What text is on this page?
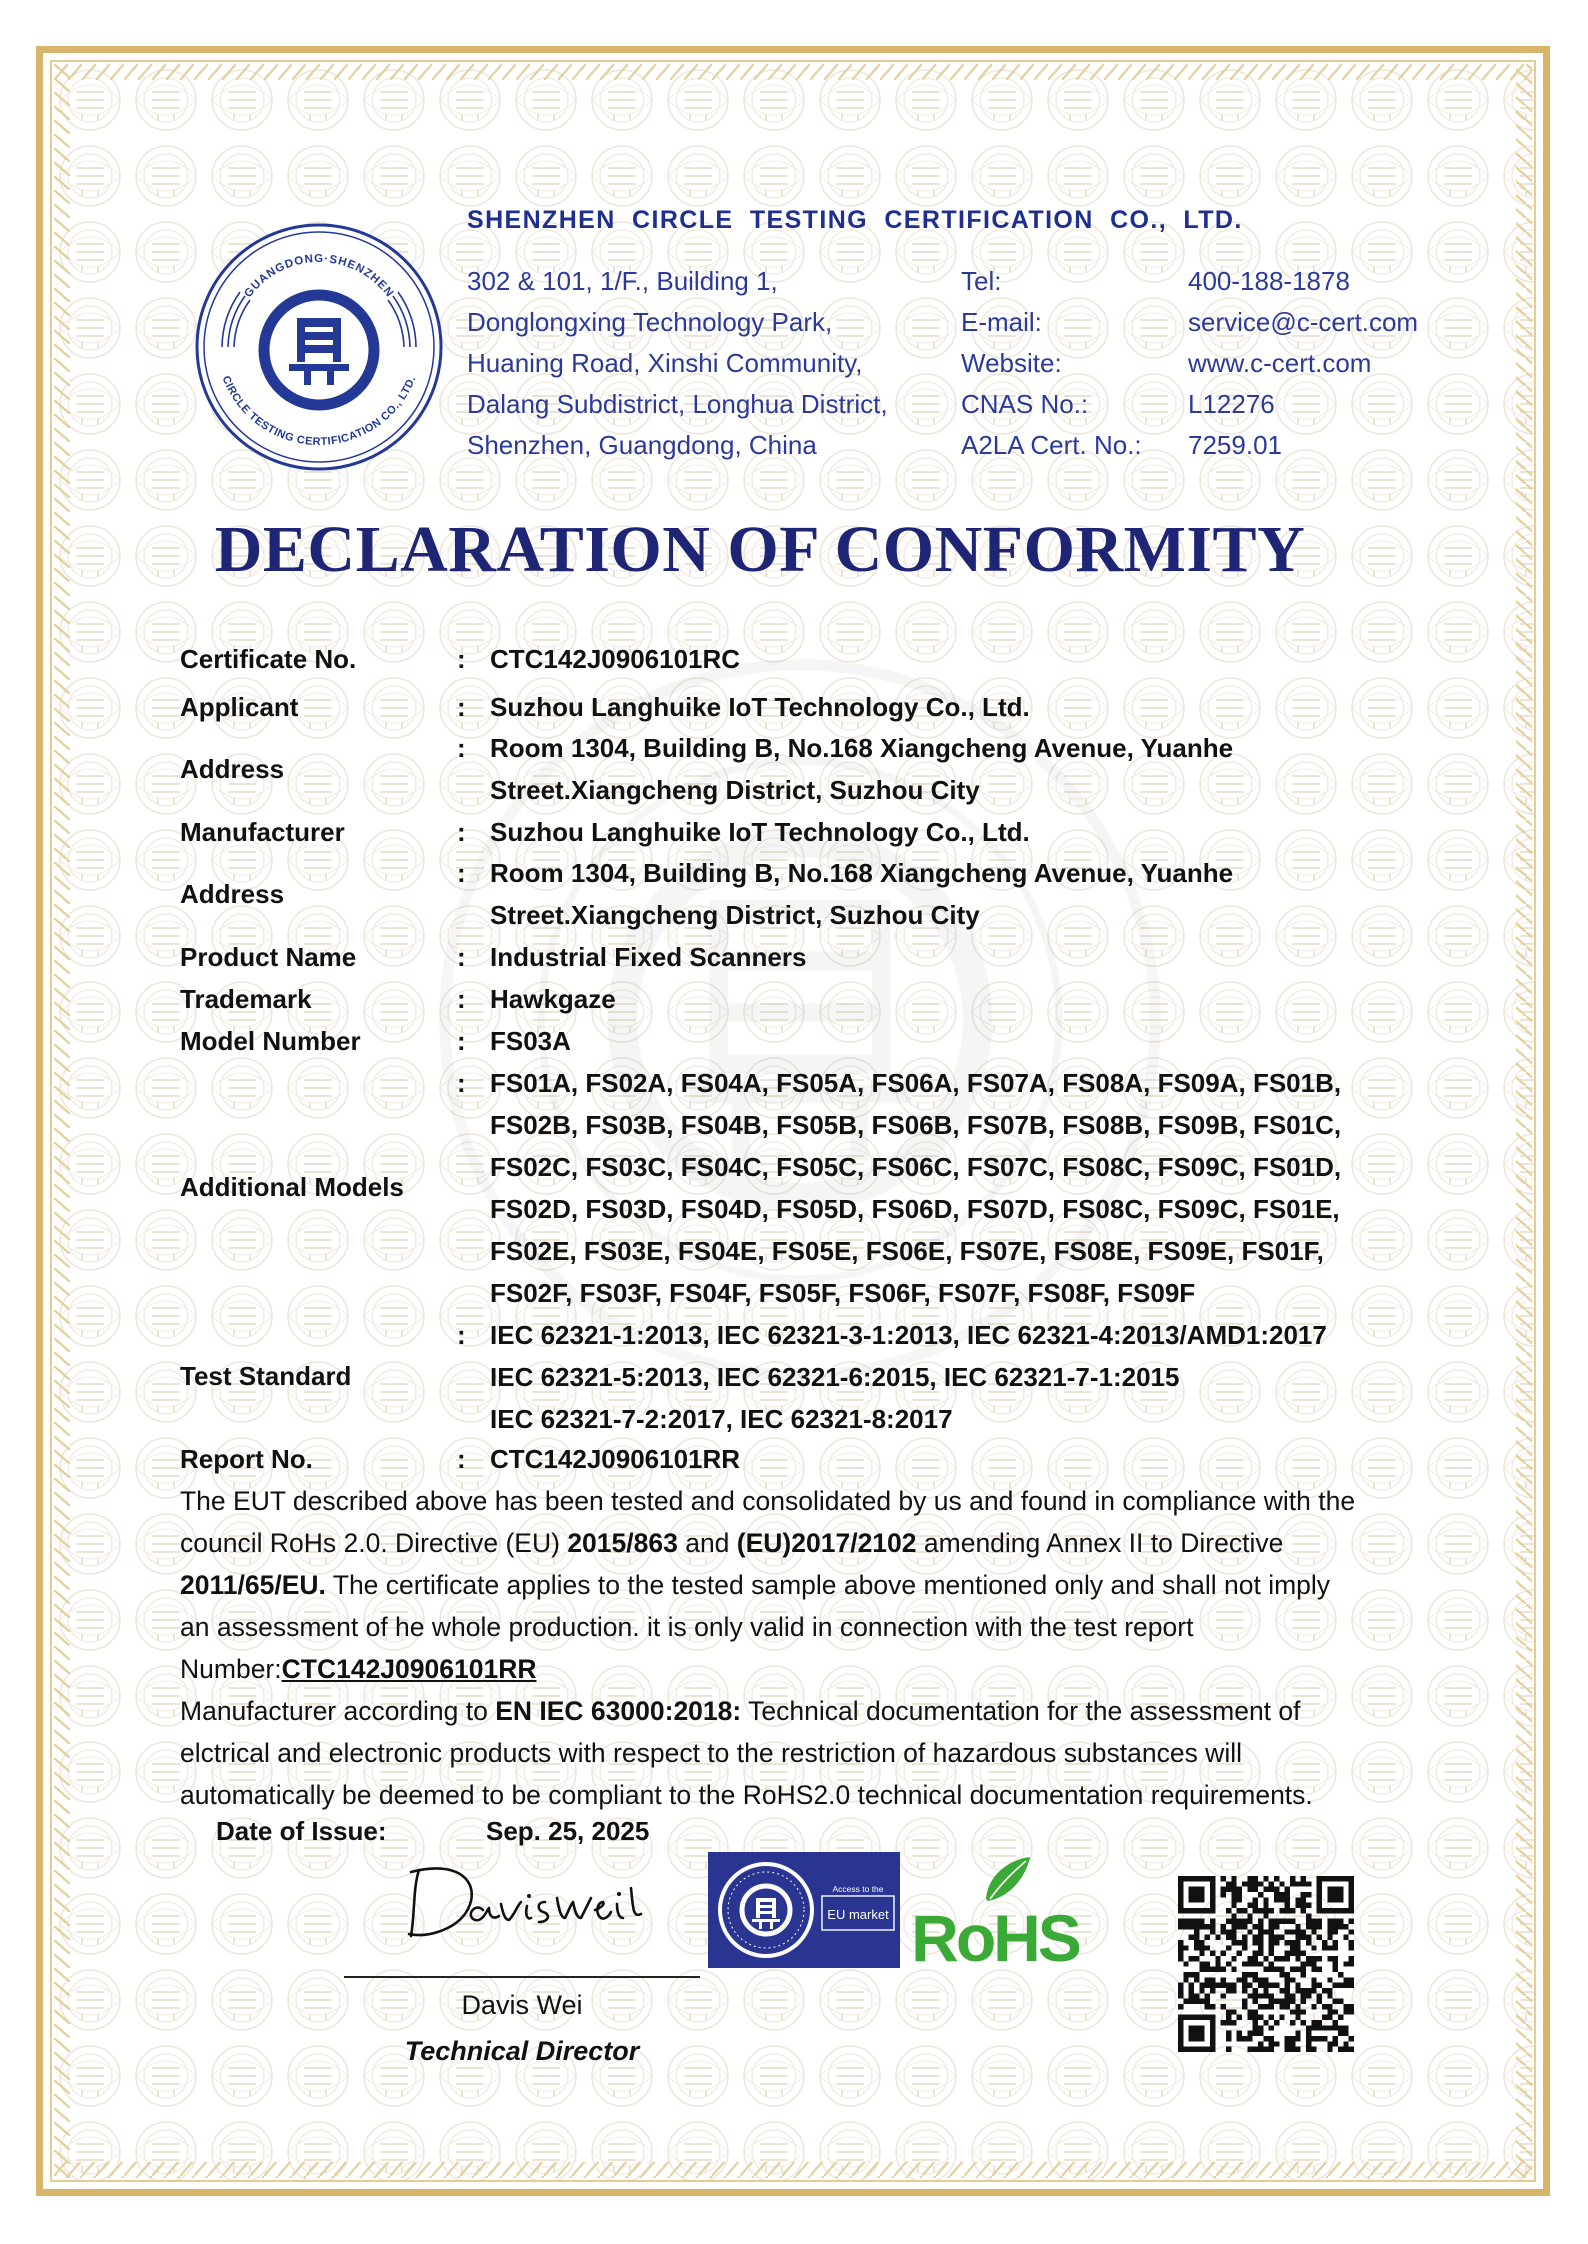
GUANGDONG·SHENZHEN
CIRCLE TESTING CERTIFICATION CO., LTD.
SHENZHEN CIRCLE TESTING CERTIFICATION CO., LTD.
302 & 101, 1/F., Building 1,
Donglongxing Technology Park,
Huaning Road, Xinshi Community,
Dalang Subdistrict, Longhua District,
Shenzhen, Guangdong, China
Tel:	400-188-1878
E-mail:	service@c-cert.com
Website:	www.c-cert.com
CNAS No.:	L12276
A2LA Cert. No.: 7259.01
DECLARATION OF CONFORMITY
Certificate No.	: CTC142J0906101RC
Applicant	: Suzhou Langhuike IoT Technology Co., Ltd.
Address
: Room 1304, Building B, No.168 Xiangcheng Avenue, Yuanhe
Street.Xiangcheng District, Suzhou City
Manufacturer	: Suzhou Langhuike IoT Technology Co., Ltd.
Address
: Room 1304, Building B, No.168 Xiangcheng Avenue, Yuanhe
Street.Xiangcheng District, Suzhou City
Product Name	: Industrial Fixed Scanners
Trademark	: Hawkgaze
Model Number	: FS03A
Additional Models
: FS01A, FS02A, FS04A, FS05A, FS06A, FS07A, FS08A, FS09A, FS01B,
FS02B, FS03B, FS04B, FS05B, FS06B, FS07B, FS08B, FS09B, FS01C,
FS02C, FS03C, FS04C, FS05C, FS06C, FS07C, FS08C, FS09C, FS01D,
FS02D, FS03D, FS04D, FS05D, FS06D, FS07D, FS08C, FS09C, FS01E,
FS02E, FS03E, FS04E, FS05E, FS06E, FS07E, FS08E, FS09E, FS01F,
FS02F, FS03F, FS04F, FS05F, FS06F, FS07F, FS08F, FS09F
Test Standard
: IEC 62321-1:2013, IEC 62321-3-1:2013, IEC 62321-4:2013/AMD1:2017
IEC 62321-5:2013, IEC 62321-6:2015, IEC 62321-7-1:2015
IEC 62321-7-2:2017, IEC 62321-8:2017
Report No.	: CTC142J0906101RR
The EUT described above has been tested and consolidated by us and found in compliance with the
council RoHs 2.0. Directive (EU) 2015/863 and (EU)2017/2102 amending Annex II to Directive
2011/65/EU. The certificate applies to the tested sample above mentioned only and shall not imply
an assessment of he whole production. it is only valid in connection with the test report
Number:CTC142J0906101RR
Manufacturer according to EN IEC 63000:2018: Technical documentation for the assessment of
elctrical and electronic products with respect to the restriction of hazardous substances will
automatically be deemed to be compliant to the RoHS2.0 technical documentation requirements.
Date of Issue:	Sep. 25, 2025
Davis Wei
Technical Director
Access to the
EU market RoHS
